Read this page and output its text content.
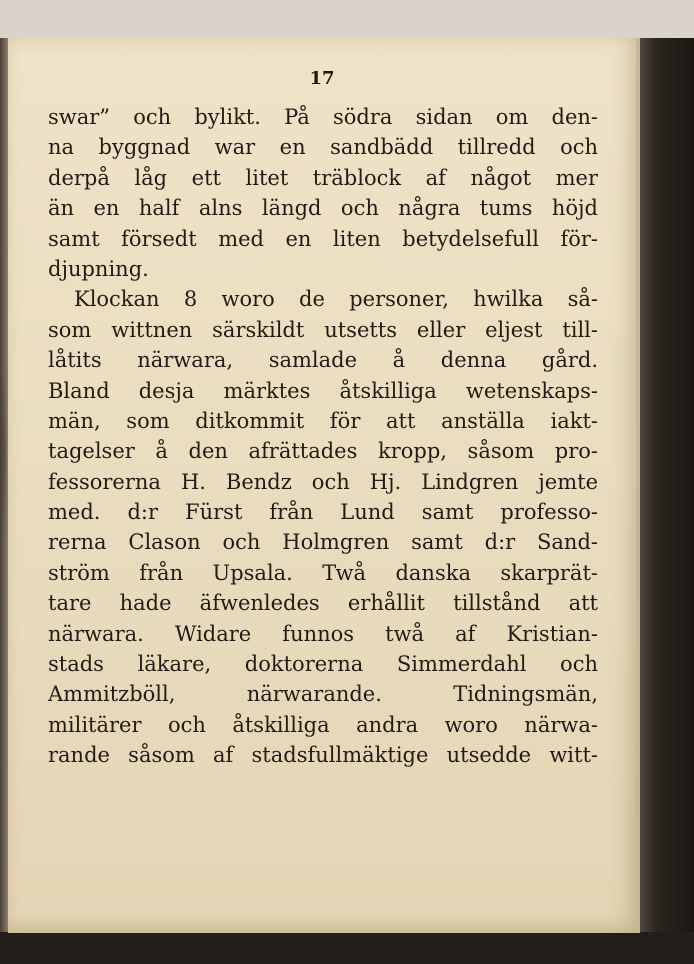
17
swar” och bylikt. På södra sidan om den-
na byggnad war en sandbädd tillredd och
derpå låg ett litet träblock af något mer
än en half alns längd och några tums höjd
samt försedt med en liten betydelsefull för-
djupning.
Klockan 8 woro de personer, hwilka så-
som wittnen särskildt utsetts eller eljest till-
låtits närwara, samlade å denna gård.
Bland desja märktes åtskilliga wetenskaps-
män, som ditkommit för att anställa iakt-
tagelser å den afrättades kropp, såsom pro-
fessorerna H. Bendz och Hj. Lindgren jemte
med. d:r Fürst från Lund samt professo-
rerna Clason och Holmgren samt d:r Sand-
ström från Upsala. Twå danska skarprät-
tare hade äfwenledes erhållit tillstånd att
närwara. Widare funnos twå af Kristian-
stads läkare, doktorerna Simmerdahl och
Ammitzböll, närwarande. Tidningsmän,
militärer och åtskilliga andra woro närwa-
rande såsom af stadsfullmäktige utsedde witt-
